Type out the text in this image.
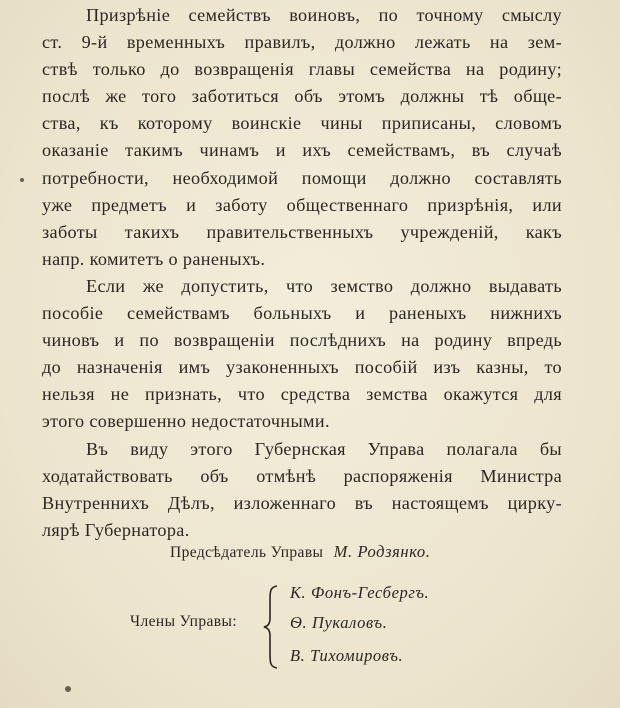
Призрѣніе семействъ воиновъ, по точному смыслу
ст. 9-й временныхъ правилъ, должно лежать на зем-
ствѣ только до возвращенія главы семейства на родину;
послѣ же того заботиться объ этомъ должны тѣ обще-
ства, къ которому воинскіе чины приписаны, словомъ
оказаніе такимъ чинамъ и ихъ семействамъ, въ случаѣ
потребности, необходимой помощи должно составлять
уже предметъ и заботу общественнаго призрѣнія, или
заботы такихъ правительственныхъ учрежденій, какъ
напр. комитетъ о раненыхъ.
Если же допустить, что земство должно выдавать
пособіе семействамъ больныхъ и раненыхъ нижнихъ
чиновъ и по возвращеніи послѣднихъ на родину впредь
до назначенія имъ узаконенныхъ пособій изъ казны, то
нельзя не признать, что средства земства окажутся для
этого совершенно недостаточными.
Въ виду этого Губернская Управа полагала бы
ходатайствовать объ отмѣнѣ распоряженія Министра
Внутреннихъ Дѣлъ, изложеннаго въ настоящемъ цирку-
лярѣ Губернатора.
Предсѣдатель Управы М. Родзянко.
Члены Управы:
К. Фонъ-Гесбергъ.
Ѳ. Пукаловъ.
В. Тихомировъ.
